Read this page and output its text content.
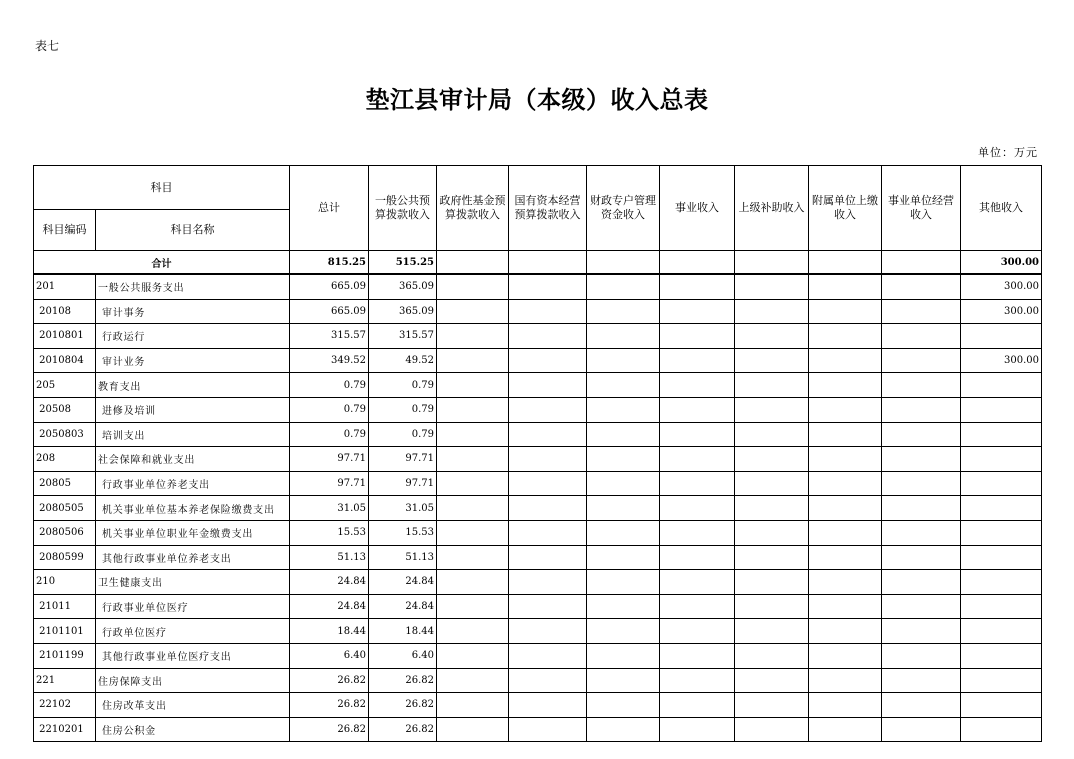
表七
垫江县审计局（本级）收入总表
单位：万元
科目		总计	一般公共预算拨款收入	政府性基金预算拨款收入	国有资本经营预算拨款收入	财政专户管理资金收入	事业收入	上级补助收入	附属单位上缴收入	事业单位经营收入	其他收入
科目编码	科目名称										
合计		815.25	515.25								300.00
201	一般公共服务支出	665.09	365.09								300.00
20108	审计事务	665.09	365.09								300.00
2010801	行政运行	315.57	315.57								
2010804	审计业务	349.52	49.52								300.00
205	教育支出	0.79	0.79								
20508	进修及培训	0.79	0.79								
2050803	培训支出	0.79	0.79								
208	社会保障和就业支出	97.71	97.71								
20805	行政事业单位养老支出	97.71	97.71								
2080505	机关事业单位基本养老保险缴费支出	31.05	31.05								
2080506	机关事业单位职业年金缴费支出	15.53	15.53								
2080599	其他行政事业单位养老支出	51.13	51.13								
210	卫生健康支出	24.84	24.84								
21011	行政事业单位医疗	24.84	24.84								
2101101	行政单位医疗	18.44	18.44								
2101199	其他行政事业单位医疗支出	6.40	6.40								
221	住房保障支出	26.82	26.82								
22102	住房改革支出	26.82	26.82								
2210201	住房公积金	26.82	26.82								
